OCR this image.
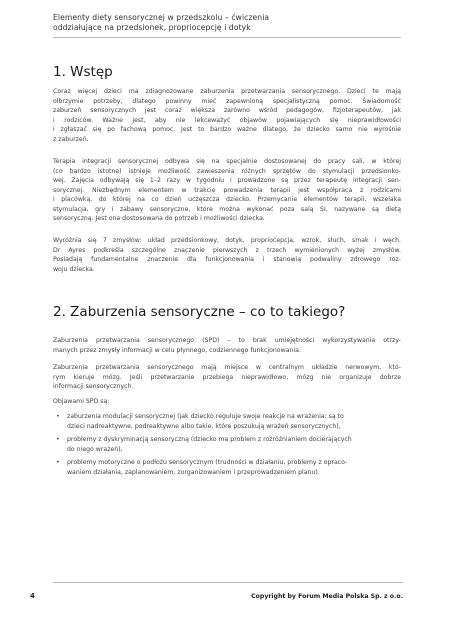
Elementy diety sensorycznej w przedszkolu – ćwiczenia
oddziałujące na przedsionek, propriocepcję i dotyk
1. Wstęp
Coraz więcej dzieci ma zdiagnozowane zaburzenia przetwarzania sensorycznego. Dzieci te mają
olbrzymie potrzeby, dlatego powinny mieć zapewnioną specjalistyczną pomoc. Świadomość
zaburzeń sensorycznych jest coraz większa zarówno wśród pedagogów, fizjoterapeutów, jak
i rodziców. Ważne jest, aby nie lekceważyć objawów pojawiających się nieprawidłowości
i zgłaszać się po fachową pomoc. Jest to bardzo ważne dlatego, że dziecko samo nie wyrośnie
z zaburzeń.
Terapia integracji sensorycznej odbywa się na specjalnie dostosowanej do pracy sali, w której
(co bardzo istotne) istnieje możliwość zawieszenia różnych sprzętów do stymulacji przedsionko-
wej. Zajęcia odbywają się 1–2 razy w tygodniu i prowadzone są przez terapeutę integracji sen-
sorycznej. Niezbędnym elementem w trakcie prowadzenia terapii jest współpraca z rodzicami
i placówką, do której na co dzień uczęszcza dziecko. Przemycanie elementów terapii, wszelaka
stymulacja, gry i zabawy sensoryczne, które można wykonać poza salą SI, nazywane są dietą
sensoryczną. Jest ona dostosowana do potrzeb i możliwości dziecka.
Wyróżnia się 7 zmysłów: układ przedsionkowy, dotyk, propriocepcja, wzrok, słuch, smak i węch.
Dr Ayres podkreśla szczególne znaczenie pierwszych z trzech wymienionych wyżej zmysłów.
Posiadają fundamentalne znaczenie dla funkcjonowania i stanowią podwaliny zdrowego roz-
woju dziecka.
2. Zaburzenia sensoryczne – co to takiego?
Zaburzenia przetwarzania sensorycznego (SPD) – to brak umiejętności wykorzystywania otrzy-
manych przez zmysły informacji w celu płynnego, codziennego funkcjonowania.
Zaburzenia przetwarzania sensorycznego mają miejsce w centralnym układzie nerwowym, któ-
rym kieruje mózg. Jeśli przetwarzanie przebiega nieprawidłowo, mózg nie organizuje dobrze
informacji sensorycznych.
Objawami SPD są:
• zaburzenia modulacji sensorycznej (jak dziecko reguluje swoje reakcje na wrażenia; są to
dzieci nadreaktywne, podreaktywne albo takie, które poszukują wrażeń sensorycznych),
• problemy z dyskryminacją sensoryczną (dziecko ma problem z rozróżnianiem docierających
do niego wrażeń),
• problemy motoryczne o podłożu sensorycznym (trudności w działaniu, problemy z opraco-
waniem działania, zaplanowaniem, zorganizowaniem i przeprowadzeniem planu).
4	Copyright by Forum Media Polska Sp. z o.o.
